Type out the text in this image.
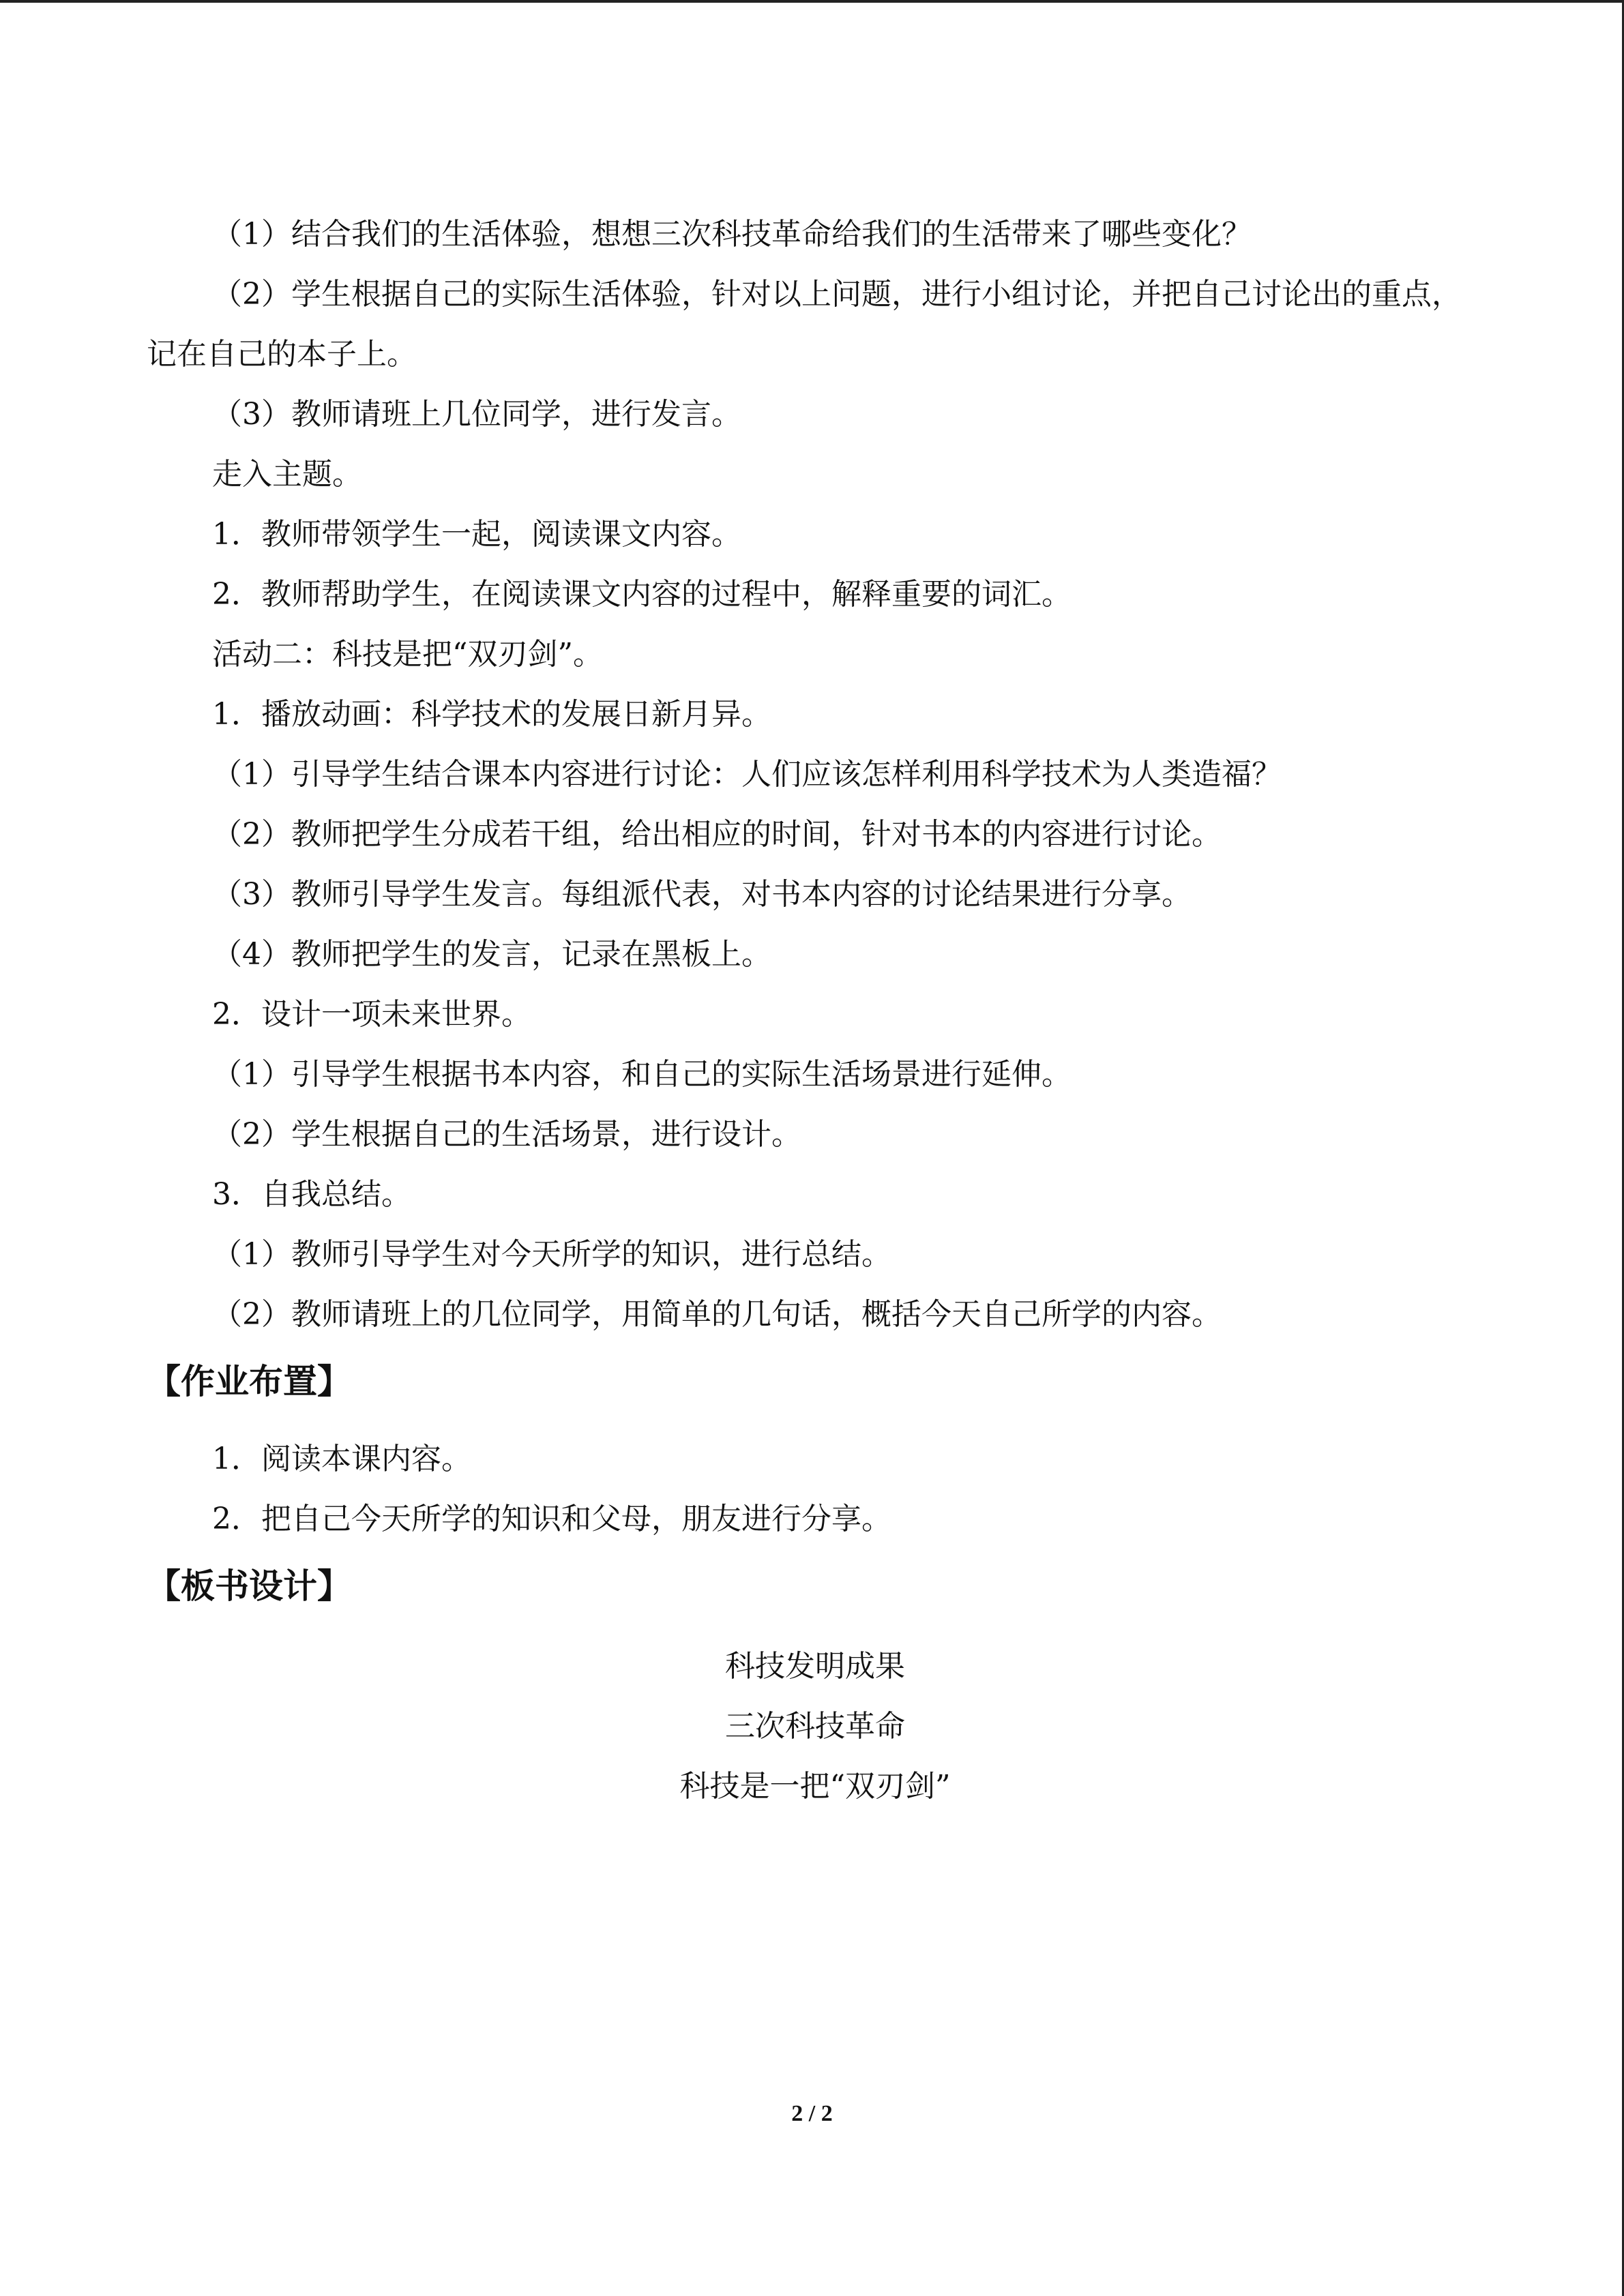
（1）结合我们的生活体验，想想三次科技革命给我们的生活带来了哪些变化？
（2）学生根据自己的实际生活体验，针对以上问题，进行小组讨论，并把自己讨论出的重点，记在自己的本子上。
（3）教师请班上几位同学，进行发言。
走入主题。
1．教师带领学生一起，阅读课文内容。
2．教师帮助学生，在阅读课文内容的过程中，解释重要的词汇。
活动二：科技是把“双刃剑”。
1．播放动画：科学技术的发展日新月异。
（1）引导学生结合课本内容进行讨论：人们应该怎样利用科学技术为人类造福？
（2）教师把学生分成若干组，给出相应的时间，针对书本的内容进行讨论。
（3）教师引导学生发言。每组派代表，对书本内容的讨论结果进行分享。
（4）教师把学生的发言，记录在黑板上。
2．设计一项未来世界。
（1）引导学生根据书本内容，和自己的实际生活场景进行延伸。
（2）学生根据自己的生活场景，进行设计。
3．自我总结。
（1）教师引导学生对今天所学的知识，进行总结。
（2）教师请班上的几位同学，用简单的几句话，概括今天自己所学的内容。
【作业布置】
1．阅读本课内容。
2．把自己今天所学的知识和父母，朋友进行分享。
【板书设计】
科技发明成果
三次科技革命
科技是一把“双刃剑”
2 / 2
